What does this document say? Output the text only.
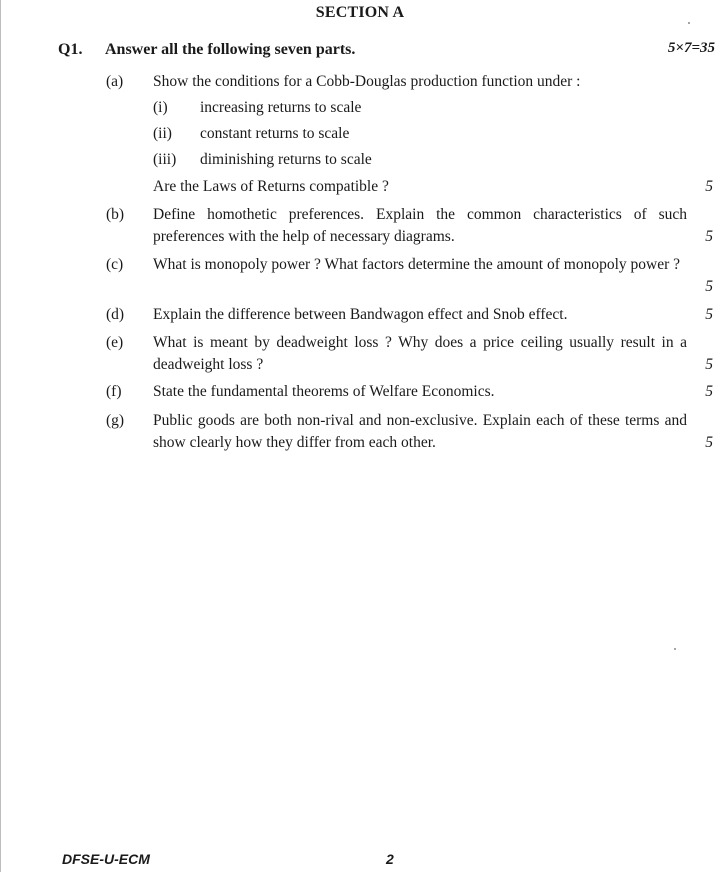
SECTION A
Q1. Answer all the following seven parts.	5×7=35
(a) Show the conditions for a Cobb-Douglas production function under :
(i) increasing returns to scale
(ii) constant returns to scale
(iii) diminishing returns to scale
Are the Laws of Returns compatible ?	5
(b) Define homothetic preferences. Explain the common characteristics of such preferences with the help of necessary diagrams.	5
(c) What is monopoly power ? What factors determine the amount of monopoly power ?
5
(d) Explain the difference between Bandwagon effect and Snob effect.	5
(e) What is meant by deadweight loss ? Why does a price ceiling usually result in a deadweight loss ?	5
(f) State the fundamental theorems of Welfare Economics.	5
(g) Public goods are both non-rival and non-exclusive. Explain each of these terms and show clearly how they differ from each other.	5
DFSE-U-ECM	2
